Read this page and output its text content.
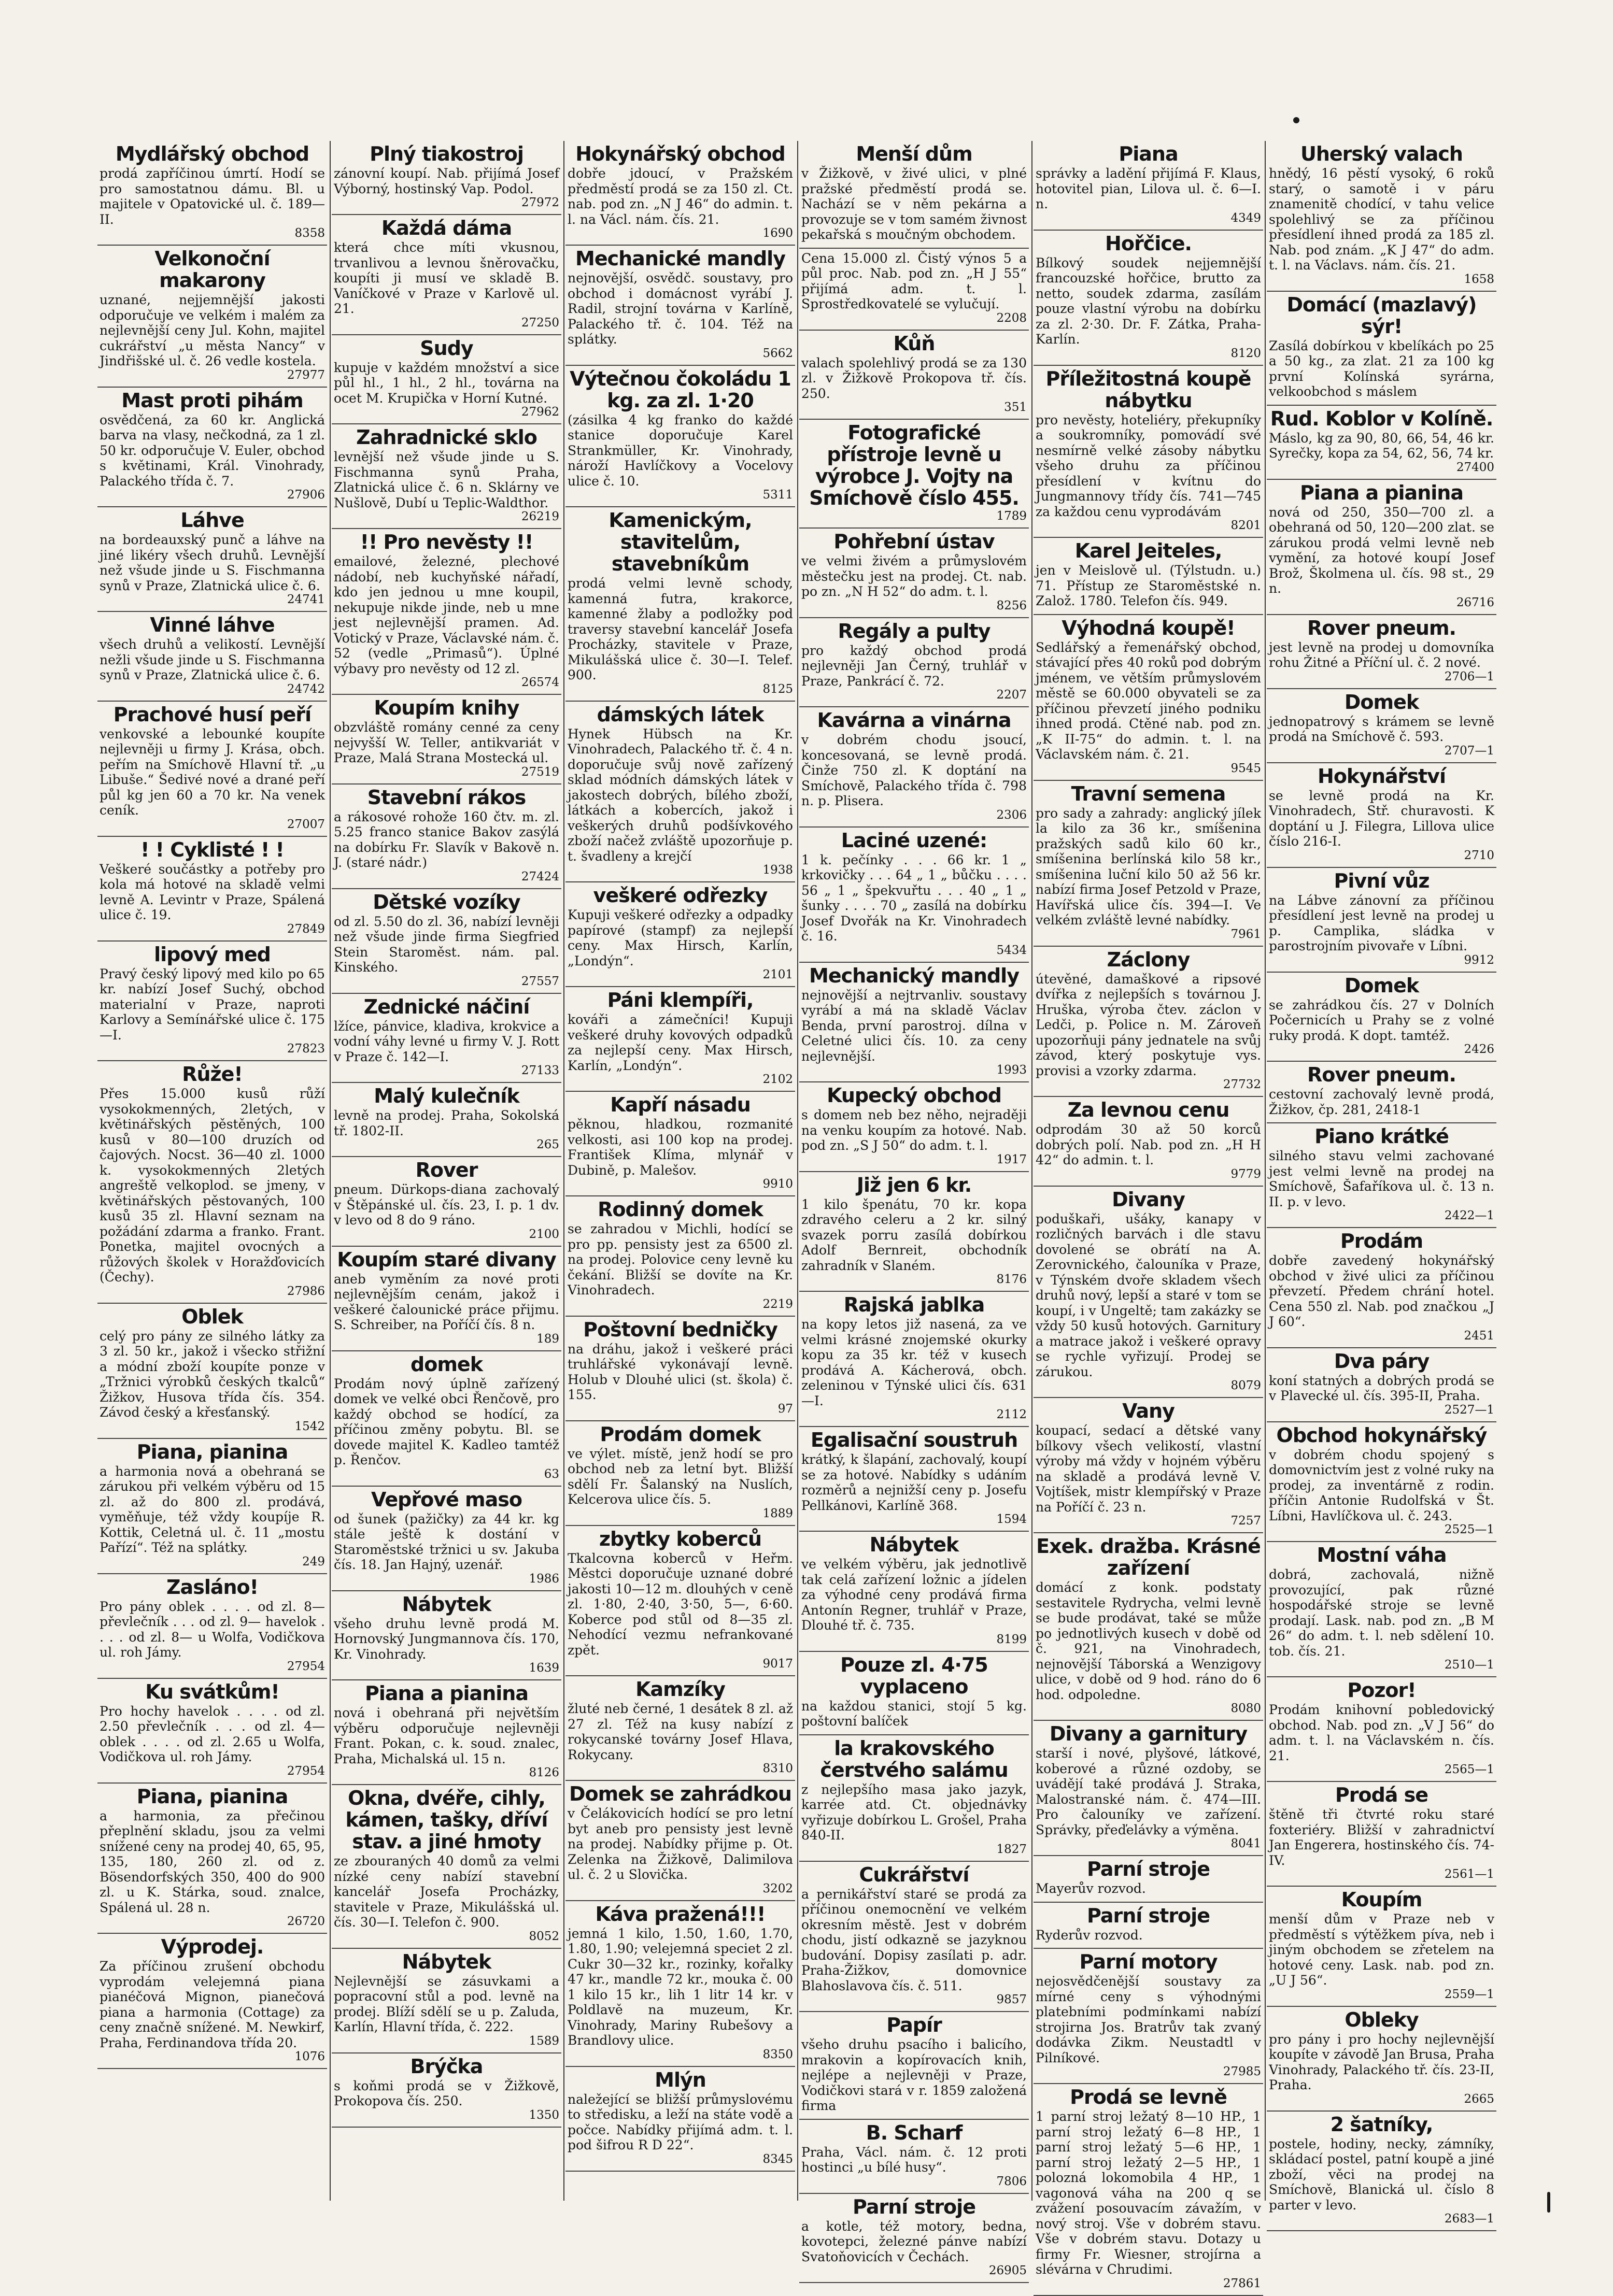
Mydlářský obchod

prodá zapříčinou úmrtí. Hodí se pro samostatnou dámu. Bl. u majitele v Opatovické ul. č. 189—II.

8358
Velkonoční makarony

uznané, nejjemnější jakosti odporučuje ve velkém i malém za nejlevnější ceny Jul. Kohn, majitel cukrářství „u města Nancy“ v Jindřišské ul. č. 26 vedle kostela.

27977
Mast proti pihám

osvědčená, za 60 kr. Anglická barva na vlasy, nečkodná, za 1 zl. 50 kr. odporučuje V. Euler, obchod s květinami, Král. Vinohrady, Palackého třída č. 7.

27906
Láhve

na bordeauxský punč a láhve na jiné likéry všech druhů. Levnější než všude jinde u S. Fischmanna synů v Praze, Zlatnická ulice č. 6.

24741
Vinné láhve

všech druhů a velikostí. Levnější nežli všude jinde u S. Fischmanna synů v Praze, Zlatnická ulice č. 6.

24742
Prachové husí peří

venkovské a lebounké koupíte nejlevněji u firmy J. Krása, obch. peřím na Smíchově Hlavní tř. „u Libuše.“ Šedivé nové a drané peří půl kg jen 60 a 70 kr. Na venek ceník.

27007
! ! Cyklisté ! !

Veškeré součástky a potřeby pro kola má hotové na skladě velmi levně A. Levintr v Praze, Spálená ulice č. 19.

27849
lipový med

Pravý český lipový med kilo po 65 kr. nabízí Josef Suchý, obchod materialní v Praze, naproti Karlovy a Semínářské ulice č. 175—I.

27823
Růže!

Přes 15.000 kusů růží vysokokmenných, 2letých, v květinářských pěstěných, 100 kusů v 80—100 druzích od čajových. Nocst. 36—40 zl. 1000 k. vysokokmenných 2letých angreště velkoplod. se jmeny, v květinářských pěstovaných, 100 kusů 35 zl. Hlavní seznam na požádání zdarma a franko. Frant. Ponetka, majitel ovocných a růžových školek v Horažďovicích (Čechy).

27986
Oblek

celý pro pány ze silného látky za 3 zl. 50 kr., jakož i všecko střižní a módní zboží koupíte ponze v „Tržnici výrobků českých tkalců“ Žižkov, Husova třída čís. 354. Závod český a křesťanský.

1542
Piana, pianina

a harmonia nová a obehraná se zárukou při velkém výběru od 15 zl. až do 800 zl. prodává, vyměňuje, též vždy koupíje R. Kottik, Celetná ul. č. 11 „mostu Pařízí“. Též na splátky.

249
Zasláno!

Pro pány oblek . . . . od zl. 8— převlečník . . . od zl. 9— havelok . . . . od zl. 8— u Wolfa, Vodičkova ul. roh Jámy.

27954
Ku svátkům!

Pro hochy havelok . . . . od zl. 2.50 převlečník . . . od zl. 4— oblek . . . . od zl. 2.65 u Wolfa, Vodičkova ul. roh Jámy.

27954
Piana, pianina

a harmonia, za přečinou přeplnění skladu, jsou za velmi snížené ceny na prodej 40, 65, 95, 135, 180, 260 zl. od z. Bösendorfských 350, 400 do 900 zl. u K. Stárka, soud. znalce, Spálená ul. 28 n.

26720
Výprodej.

Za příčinou zrušení obchodu vyprodám velejemná piana pianéčová Mignon, pianečová piana a harmonia (Cottage) za ceny značně snížené. M. Newkirf, Praha, Ferdinandova třída 20.

1076
Plný tiakostroj

zánovní koupí. Nab. přijímá Josef Výborný, hostinský Vap. Podol.

27972
Každá dáma

která chce míti vkusnou, trvanlivou a levnou šněrovačku, koupíti ji musí ve skladě B. Vaníčkové v Praze v Karlově ul. 21.

27250
Sudy

kupuje v každém množství a sice půl hl., 1 hl., 2 hl., továrna na ocet M. Krupička v Horní Kutné.

27962
Zahradnické sklo

levnější než všude jinde u S. Fischmanna synů Praha, Zlatnická ulice č. 6 n. Sklárny ve Nušlově, Dubí u Teplic-Waldthor.

26219
!! Pro nevěsty !!

emailové, železné, plechové nádobí, neb kuchyňské nářadí, kdo jen jednou u mne koupil, nekupuje nikde jinde, neb u mne jest nejlevnější pramen. Ad. Votický v Praze, Václavské nám. č. 52 (vedle „Primasů“). Úplné výbavy pro nevěsty od 12 zl.

26574
Koupím knihy

obzvláště romány cenné za ceny nejvyšší W. Teller, antikvariát v Praze, Malá Strana Mostecká ul.

27519
Stavební rákos

a rákosové rohože 160 čtv. m. zl. 5.25 franco stanice Bakov zasýlá na dobírku Fr. Slavík v Bakově n. J. (staré nádr.)

27424
Dětské vozíky

od zl. 5.50 do zl. 36, nabízí levněji než všude jinde firma Siegfried Stein Staroměst. nám. pal. Kinského.

27557
Zednické náčiní

lžíce, pánvice, kladiva, krokvice a vodní váhy levné u firmy V. J. Rott v Praze č. 142—I.

27133
Malý kulečník

levně na prodej. Praha, Sokolská tř. 1802-II.

265
Rover

pneum. Dürkops-diana zachovalý v Štěpánské ul. čís. 23, I. p. 1 dv. v levo od 8 do 9 ráno.

2100
Koupím staré divany

aneb vyměním za nové proti nejlevnějším cenám, jakož i veškeré čalounické práce přijmu. S. Schreiber, na Poříčí čís. 8 n.

189
domek

Prodám nový úplně zařízený domek ve velké obci Řenčově, pro každý obchod se hodící, za příčinou změny pobytu. Bl. se dovede majitel K. Kadleo tamtéž p. Řenčov.

63
Vepřové maso

od šunek (pažičky) za 44 kr. kg stále ještě k dostání v Staroměstské tržnici u sv. Jakuba čís. 18. Jan Hajný, uzenář.

1986
Nábytek

všeho druhu levně prodá M. Hornovský Jungmannova čís. 170, Kr. Vinohrady.

1639
Piana a pianina

nová i obehraná při největším výběru odporučuje nejlevněji Frant. Pokan, c. k. soud. znalec, Praha, Michalská ul. 15 n.

8126
Okna, dvéře, cihly, kámen, tašky, dříví stav. a jiné hmoty

ze zbouraných 40 domů za velmi nízké ceny nabízí stavební kancelář Josefa Procházky, stavitele v Praze, Mikulášská ul. čís. 30—I. Telefon č. 900.

8052
Nábytek

Nejlevnější se zásuvkami a popracovní stůl a pod. levně na prodej. Blíží sdělí se u p. Zaluda, Karlín, Hlavní třída, č. 222.

1589
Brýčka

s koňmi prodá se v Žižkově, Prokopova čís. 250.

1350
Hokynářský obchod

dobře jdoucí, v Pražském předměstí prodá se za 150 zl. Ct. nab. pod zn. „N J 46“ do admin. t. l. na Václ. nám. čís. 21.

1690
Mechanické mandly

nejnovější, osvědč. soustavy, pro obchod i domácnost vyrábí J. Radil, strojní továrna v Karlíně, Palackého tř. č. 104. Též na splátky.

5662
Výtečnou čokoládu 1 kg. za zl. 1·20

(zásilka 4 kg franko do každé stanice doporučuje Karel Strankmüller, Kr. Vinohrady, nároží Havlíčkovy a Vocelovy ulice č. 10.

5311
Kamenickým, stavitelům, stavebníkům

prodá velmi levně schody, kamenná futra, krakorce, kamenné žlaby a podložky pod traversy stavební kancelář Josefa Procházky, stavitele v Praze, Mikulášská ulice č. 30—I. Telef. 900.

8125
dámských látek

Hynek Hübsch na Kr. Vinohradech, Palackého tř. č. 4 n. doporučuje svůj nově zařízený sklad módních dámských látek v jakostech dobrých, bílého zboží, látkách a kobercích, jakož i veškerých druhů podšívkového zboží načež zvláště upozorňuje p. t. švadleny a krejčí

1938
veškeré odřezky

Kupuji veškeré odřezky a odpadky papírové (stampf) za nejlepší ceny. Max Hirsch, Karlín, „Londýn“.

2101
Páni klempíři,

kováři a zámečníci! Kupuji veškeré druhy kovových odpadků za nejlepší ceny. Max Hirsch, Karlín, „Londýn“.

2102
Kapří násadu

pěknou, hladkou, rozmanité velkosti, asi 100 kop na prodej. František Klíma, mlynář v Dubině, p. Malešov.

9910
Rodinný domek

se zahradou v Michli, hodící se pro pp. pensisty jest za 6500 zl. na prodej. Polovice ceny levně ku čekání. Bližší se dovíte na Kr. Vinohradech.

2219
Poštovní bedničky

na dráhu, jakož i veškeré práci truhlářské vykonávají levně. Holub v Dlouhé ulici (st. škola) č. 155.

97
Prodám domek

ve výlet. místě, jenž hodí se pro obchod neb za letní byt. Bližší sdělí Fr. Šalanský na Nuslích, Kelcerova ulice čís. 5.

1889
zbytky koberců

Tkalcovna koberců v Heřm. Městci doporučuje uznané dobré jakosti 10—12 m. dlouhých v ceně zl. 1·80, 2·40, 3·50, 5—, 6·60. Koberce pod stůl od 8—35 zl. Nehodící vezmu nefrankované zpět.

9017
Kamzíky

žluté neb černé, 1 desátek 8 zl. až 27 zl. Též na kusy nabízí z rokycanské továrny Josef Hlava, Rokycany.

8310
Domek se zahrádkou

v Čelákovicích hodící se pro letní byt aneb pro pensisty jest levně na prodej. Nabídky přijme p. Ot. Zelenka na Žižkově, Dalimilova ul. č. 2 u Slovička.

3202
Káva pražená!!!

jemná 1 kilo, 1.50, 1.60, 1.70, 1.80, 1.90; velejemná speciet 2 zl. Cukr 30—32 kr., rozinky, kořalky 47 kr., mandle 72 kr., mouka č. 00 1 kilo 15 kr., lih 1 litr 14 kr. v Poldlavě na muzeum, Kr. Vinohrady, Mariny Rubešovy a Brandlovy ulice.

8350
Mlýn

naležející se bližší průmyslovému to středisku, a leží na státe vodě a počce. Nabídky přijímá adm. t. l. pod šifrou R D 22“.

8345
Menší dům

v Žižkově, v živé ulici, v plné pražské předměstí prodá se. Nachází se v něm pekárna a provozuje se v tom samém živnost pekařská s moučným obchodem.

Cena 15.000 zl. Čistý výnos 5 a půl proc. Nab. pod zn. „H J 55“ přijímá adm. t. l. Sprostředkovatelé se vylučují.

2208
Kůň

valach spolehlivý prodá se za 130 zl. v Žižkově Prokopova tř. čís. 250.

351
Fotografické přístroje levně u výrobce J. Vojty na Smíchově číslo 455.
1789
Pohřební ústav

ve velmi živém a průmyslovém městečku jest na prodej. Ct. nab. po zn. „N H 52“ do adm. t. l.

8256
Regály a pulty

pro každý obchod prodá nejlevněji Jan Černý, truhlář v Praze, Pankrácí č. 72.

2207
Kavárna a vinárna

v dobrém chodu jsoucí, koncesovaná, se levně prodá. Činže 750 zl. K doptání na Smíchově, Palackého třída č. 798 n. p. Plisera.

2306
Laciné uzené:

1 k. pečínky . . . 66 kr. 1 „ krkovičky . . . 64 „ 1 „ bůčku . . . . 56 „ 1 „ špekvuřtu . . . 40 „ 1 „ šunky . . . . 70 „ zasílá na dobírku Josef Dvořák na Kr. Vinohradech č. 16.

5434
Mechanický mandly

nejnovější a nejtrvanliv. soustavy vyrábí a má na skladě Václav Benda, první parostroj. dílna v Celetné ulici čís. 10. za ceny nejlevnější.

1993
Kupecký obchod

s domem neb bez něho, nejraději na venku koupím za hotové. Nab. pod zn. „S J 50“ do adm. t. l.

1917
Již jen 6 kr.

1 kilo špenátu, 70 kr. kopa zdravého celeru a 2 kr. silný svazek porru zasílá dobírkou Adolf Bernreit, obchodník zahradník v Slaném.

8176
Rajská jablka

na kopy letos již nasená, za ve velmi krásné znojemské okurky kopu za 35 kr. též v kusech prodává A. Kácherová, obch. zeleninou v Týnské ulici čís. 631—I.

2112
Egalisační soustruh

krátký, k šlapání, zachovalý, koupí se za hotové. Nabídky s udáním rozměrů a nejnižší ceny p. Josefu Pellkánovi, Karlíně 368.

1594
Nábytek

ve velkém výběru, jak jednotlivě tak celá zařízení ložnic a jídelen za výhodné ceny prodává firma Antonín Regner, truhlář v Praze, Dlouhé tř. č. 735.

8199
Pouze zl. 4·75 vyplaceno

na každou stanici, stojí 5 kg. poštovní balíček

la krakovského čerstvého salámu

z nejlepšího masa jako jazyk, karrée atd. Ct. objednávky vyřizuje dobírkou L. Grošel, Praha 840-II.

1827
Cukrářství

a pernikářství staré se prodá za příčinou onemocnění ve velkém okresním městě. Jest v dobrém chodu, jistí odkazně se jazyknou budování. Dopisy zasílati p. adr. Praha-Žižkov, domovnice Blahoslavova čís. č. 511.

9857
Papír

všeho druhu psacího i balicího, mrakovin a kopírovacích knih, nejlépe a nejlevněji v Praze, Vodičkovi stará v r. 1859 založená firma

B. Scharf

Praha, Václ. nám. č. 12 proti hostinci „u bílé husy“.

7806
Parní stroje

a kotle, též motory, bedna, kovotepci, železné pánve nabízí Svatoňovicích v Čechách.

26905
Piana

správky a ladění přijímá F. Klaus, hotovitel pian, Lilova ul. č. 6—I. n.

4349
Hořčice.

Bílkový soudek nejjemnější francouzské hořčice, brutto za netto, soudek zdarma, zasílám pouze vlastní výrobu na dobírku za zl. 2·30. Dr. F. Zátka, Praha-Karlín.

8120
Příležitostná koupě nábytku

pro nevěsty, hoteliéry, překupníky a soukromníky, pomovádí své nesmírně velké zásoby nábytku všeho druhu za příčinou přesídlení v kvítnu do Jungmannovy třídy čís. 741—745 za každou cenu vyprodávám

8201
Karel Jeiteles,

jen v Meislově ul. (Týlstudn. u.) 71. Přístup ze Staroměstské n. Založ. 1780. Telefon čís. 949.

Výhodná koupě!

Sedlářský a řemenářský obchod, stávající přes 40 roků pod dobrým jménem, ve větším průmyslovém městě se 60.000 obyvateli se za příčinou převzetí jiného podniku ihned prodá. Ctěné nab. pod zn. „K II-75“ do admin. t. l. na Václavském nám. č. 21.

9545
Travní semena

pro sady a zahrady: anglický jílek la kilo za 36 kr., smíšenina pražských sadů kilo 60 kr., smíšenina berlínská kilo 58 kr., smíšenina luční kilo 50 až 56 kr. nabízí firma Josef Petzold v Praze, Havířská ulice čís. 394—I. Ve velkém zvláště levné nabídky.

7961
Záclony

útevěné, damaškové a ripsové dvířka z nejlepších s továrnou J. Hruška, výroba čtev. záclon v Ledči, p. Police n. M. Zároveň upozorňuji pány jednatele na svůj závod, který poskytuje vys. provisi a vzorky zdarma.

27732
Za levnou cenu

odprodám 30 až 50 korců dobrých polí. Nab. pod zn. „H H 42“ do admin. t. l.

9779
Divany

poduškaři, ušáky, kanapy v rozličných barvách i dle stavu dovolené se obrátí na A. Zerovnického, čalouníka v Praze, v Týnském dvoře skladem všech druhů nový, lepší a staré v tom se koupí, i v Ungeltě; tam zakázky se vždy 50 kusů hotových. Garnitury a matrace jakož i veškeré opravy se rychle vyřizují. Prodej se zárukou.

8079
Vany

koupací, sedací a dětské vany bílkovy všech velikostí, vlastní výroby má vždy v hojném výběru na skladě a prodává levně V. Vojtíšek, mistr klempířský v Praze na Poříčí č. 23 n.

7257
Exek. dražba. Krásné zařízení

domácí z konk. podstaty sestavitele Rydrycha, velmi levně se bude prodávat, také se může po jednotlivých kusech v době od č. 921, na Vinohradech, nejnovější Táborská a Wenzigovy ulice, v době od 9 hod. ráno do 6 hod. odpoledne.

8080
Divany a garnitury

starší i nové, plyšové, látkové, koberové a různé ozdoby, se uvádějí také prodává J. Straka, Malostranské nám. č. 474—III. Pro čalouníky ve zařízení. Správky, přeďelávky a výměna.

8041
Parní stroje

Mayerův rozvod.

Parní stroje

Ryderův rozvod.

Parní motory

nejosvědčenější soustavy za mírné ceny s výhodnými platebními podmínkami nabízí strojirna Jos. Bratrův tak zvaný dodávka Zikm. Neustadtl v Pilníkové.

27985
Prodá se levně

1 parní stroj ležatý 8—10 HP., 1 parní stroj ležatý 6—8 HP., 1 parní stroj ležatý 5—6 HP., 1 parní stroj ležatý 2—5 HP., 1 polozná lokomobila 4 HP., 1 vagonová váha na 200 q se zvážení posouvacím závažím, v nový stroj. Vše v dobrém stavu. Vše v dobrém stavu. Dotazy u firmy Fr. Wiesner, strojírna a slévárna v Chrudimi.

27861
Uherský valach

hnědý, 16 pěstí vysoký, 6 roků starý, o samotě i v páru znamenitě chodící, v tahu velice spolehlivý se za příčinou přesídlení ihned prodá za 185 zl. Nab. pod znám. „K J 47“ do adm. t. l. na Václavs. nám. čís. 21.

1658
Domácí (mazlavý) sýr!

Zasílá dobírkou v kbelíkách po 25 a 50 kg., za zlat. 21 za 100 kg první Kolínská syrárna, velkoobchod s máslem

Rud. Koblor v Kolíně.

Máslo, kg za 90, 80, 66, 54, 46 kr. Syrečky, kopa za 54, 62, 56, 74 kr.

27400
Piana a pianina

nová od 250, 350—700 zl. a obehraná od 50, 120—200 zlat. se zárukou prodá velmi levně neb vymění, za hotové koupí Josef Brož, Školmena ul. čís. 98 st., 29 n.

26716
Rover pneum.

jest levně na prodej u domovníka rohu Žitné a Příční ul. č. 2 nové.

2706—1
Domek

jednopatrový s krámem se levně prodá na Smíchově č. 593.

2707—1
Hokynářství

se levně prodá na Kr. Vinohradech, Stř. churavosti. K doptání u J. Filegra, Lillova ulice číslo 216-I.

2710
Pivní vůz

na Lábve zánovní za příčinou přesídlení jest levně na prodej u p. Camplika, sládka v parostrojním pivovaře v Líbni.

9912
Domek

se zahrádkou čís. 27 v Dolních Počernicích u Prahy se z volné ruky prodá. K dopt. tamtéž.

2426
Rover pneum.

cestovní zachovalý levně prodá, Žižkov, čp. 281, 2418-1

Piano krátké

silného stavu velmi zachované jest velmi levně na prodej na Smíchově, Šafaříkova ul. č. 13 n. II. p. v levo.

2422—1
Prodám

dobře zavedený hokynářský obchod v živé ulici za příčinou převzetí. Předem chrání hotel. Cena 550 zl. Nab. pod značkou „J J 60“.

2451
Dva páry

koní statných a dobrých prodá se v Plavecké ul. čís. 395-II, Praha.

2527—1
Obchod hokynářský

v dobrém chodu spojený s domovnictvím jest z volné ruky na prodej, za inventárně z rodin. příčin Antonie Rudolfská v Št. Líbni, Havlíčkova ul. č. 243.

2525—1
Mostní váha

dobrá, zachovalá, nižně provozující, pak různé hospodářské stroje se levně prodají. Lask. nab. pod zn. „B M 26“ do adm. t. l. neb sdělení 10. tob. čís. 21.

2510—1
Pozor!

Prodám knihovní pobledovický obchod. Nab. pod zn. „V J 56“ do adm. t. l. na Václavském n. čís. 21.

2565—1
Prodá se

štěně tři čtvrté roku staré foxteriéry. Bližší v zahradnictví Jan Engerera, hostinského čís. 74-IV.

2561—1
Koupím

menší dům v Praze neb v předměstí s výtěžkem píva, neb i jiným obchodem se zřetelem na hotové ceny. Lask. nab. pod zn. „U J 56“.

2559—1
Obleky

pro pány i pro hochy nejlevnější koupíte v závodě Jan Brusa, Praha Vinohrady, Palackého tř. čís. 23-II, Praha.

2665
2 šatníky,

postele, hodiny, necky, zámníky, skládací postel, patní koupě a jiné zboží, věci na prodej na Smíchově, Blanická ul. číslo 8 parter v levo.

2683—1
